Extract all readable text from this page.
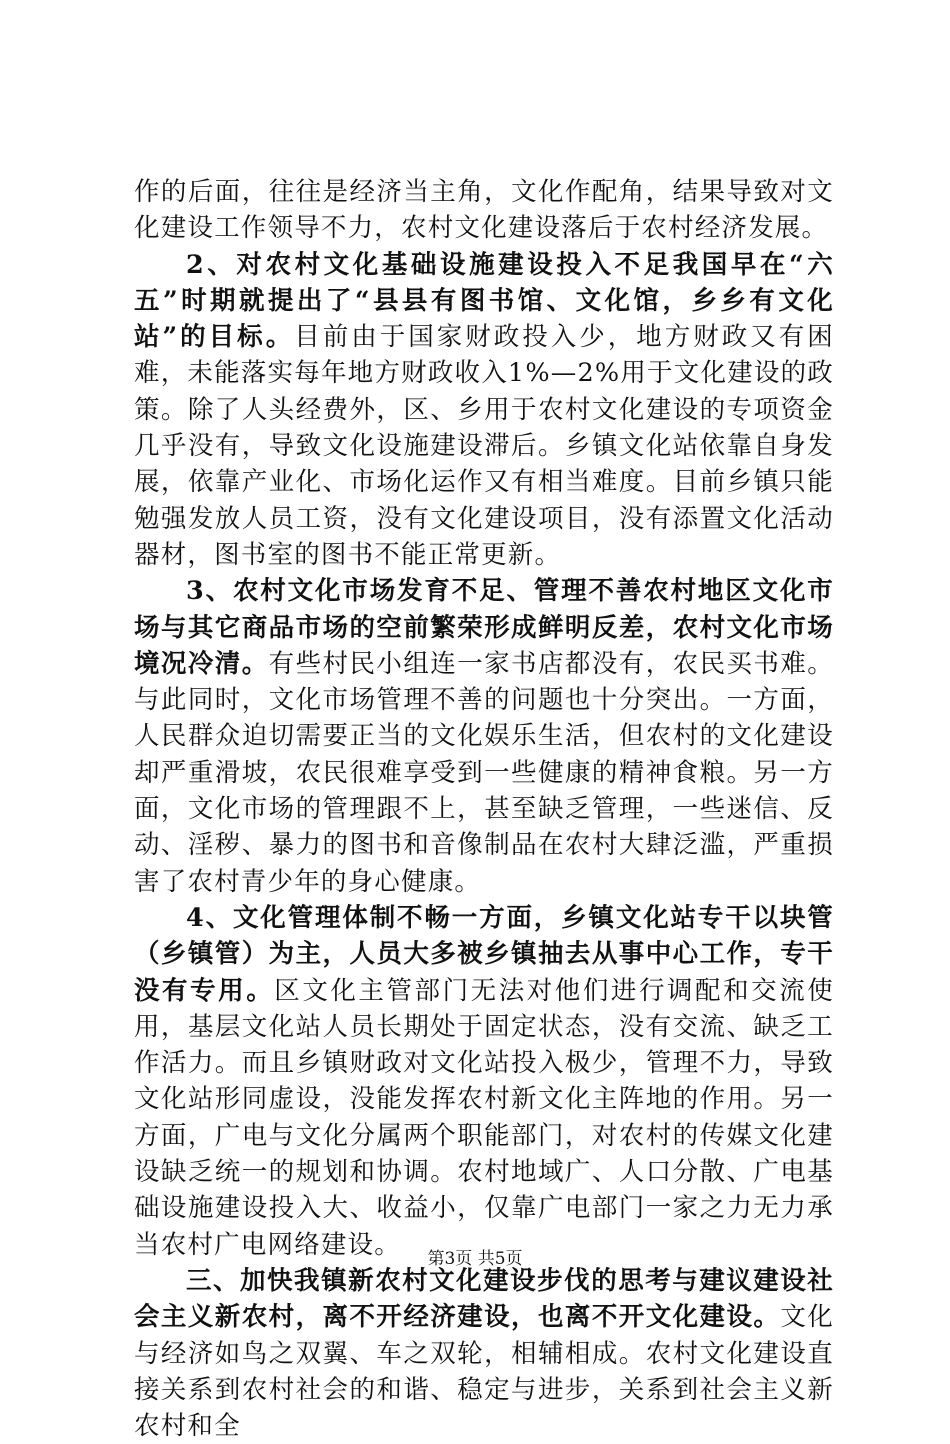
作的后面，往往是经济当主角，文化作配角，结果导致对文化建设工作领导不力，农村文化建设落后于农村经济发展。

2、对农村文化基础设施建设投入不足我国早在“六五”时期就提出了“县县有图书馆、文化馆，乡乡有文化站”的目标。目前由于国家财政投入少，地方财政又有困难，未能落实每年地方财政收入1%—2%用于文化建设的政策。除了人头经费外，区、乡用于农村文化建设的专项资金几乎没有，导致文化设施建设滞后。乡镇文化站依靠自身发展，依靠产业化、市场化运作又有相当难度。目前乡镇只能勉强发放人员工资，没有文化建设项目，没有添置文化活动器材，图书室的图书不能正常更新。

3、农村文化市场发育不足、管理不善农村地区文化市场与其它商品市场的空前繁荣形成鲜明反差，农村文化市场境况冷清。有些村民小组连一家书店都没有，农民买书难。与此同时，文化市场管理不善的问题也十分突出。一方面，人民群众迫切需要正当的文化娱乐生活，但农村的文化建设却严重滑坡，农民很难享受到一些健康的精神食粮。另一方面，文化市场的管理跟不上，甚至缺乏管理，一些迷信、反动、淫秽、暴力的图书和音像制品在农村大肆泛滥，严重损害了农村青少年的身心健康。

4、文化管理体制不畅一方面，乡镇文化站专干以块管（乡镇管）为主，人员大多被乡镇抽去从事中心工作，专干没有专用。区文化主管部门无法对他们进行调配和交流使用，基层文化站人员长期处于固定状态，没有交流、缺乏工作活力。而且乡镇财政对文化站投入极少，管理不力，导致文化站形同虚设，没能发挥农村新文化主阵地的作用。另一方面，广电与文化分属两个职能部门，对农村的传媒文化建设缺乏统一的规划和协调。农村地域广、人口分散、广电基础设施建设投入大、收益小，仅靠广电部门一家之力无力承当农村广电网络建设。

三、加快我镇新农村文化建设步伐的思考与建议建设社会主义新农村，离不开经济建设，也离不开文化建设。文化与经济如鸟之双翼、车之双轮，相辅相成。农村文化建设直接关系到农村社会的和谐、稳定与进步，关系到社会主义新农村和全

第3页 共5页
